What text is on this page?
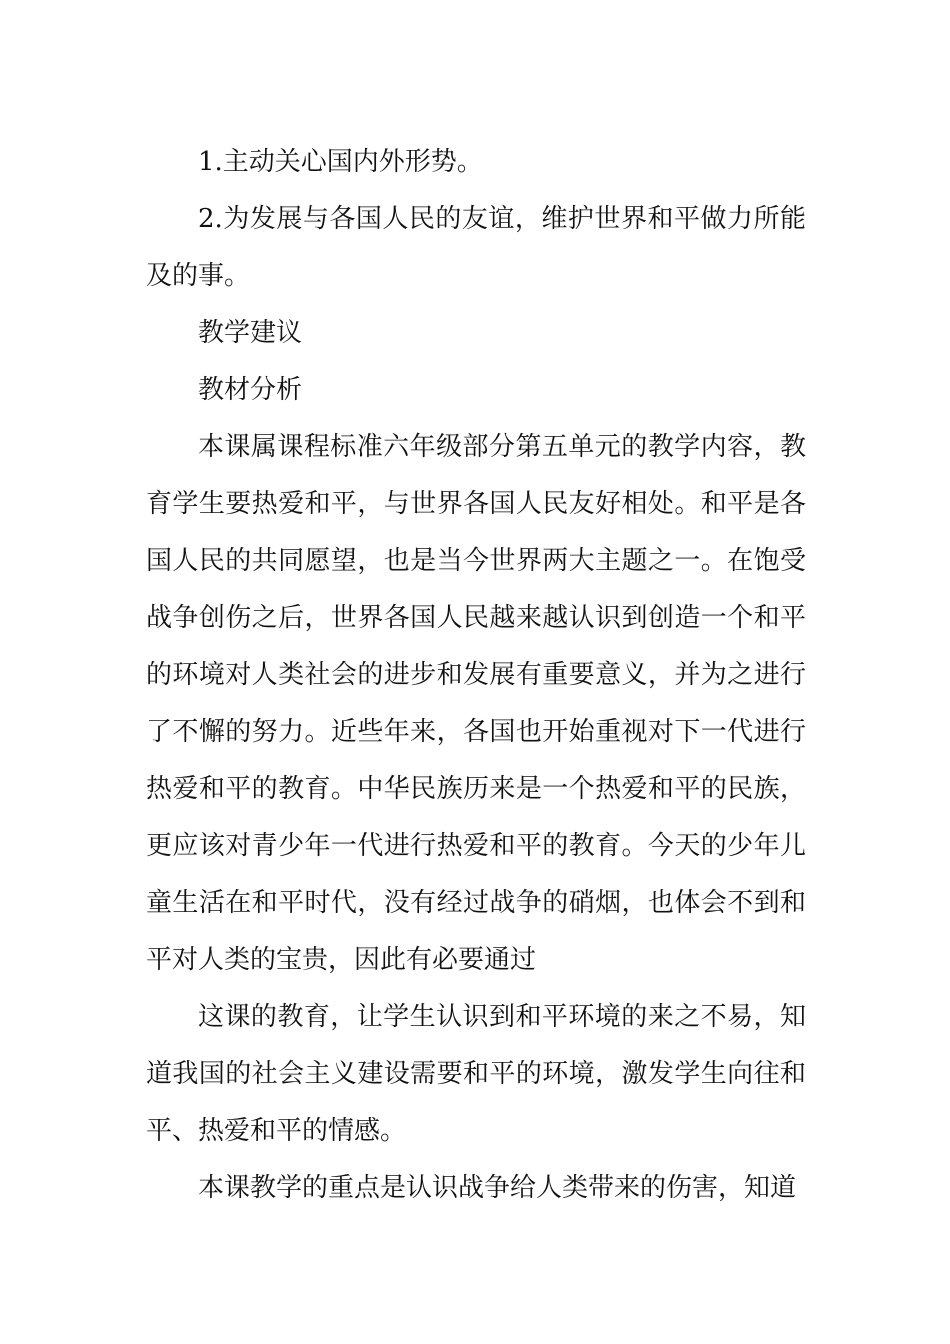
1.主动关心国内外形势。

2.为发展与各国人民的友谊，维护世界和平做力所能及的事。

教学建议

教材分析

本课属课程标准六年级部分第五单元的教学内容，教育学生要热爱和平，与世界各国人民友好相处。和平是各国人民的共同愿望，也是当今世界两大主题之一。在饱受战争创伤之后，世界各国人民越来越认识到创造一个和平的环境对人类社会的进步和发展有重要意义，并为之进行了不懈的努力。近些年来，各国也开始重视对下一代进行热爱和平的教育。中华民族历来是一个热爱和平的民族，更应该对青少年一代进行热爱和平的教育。今天的少年儿童生活在和平时代，没有经过战争的硝烟，也体会不到和平对人类的宝贵，因此有必要通过

这课的教育，让学生认识到和平环境的来之不易，知道我国的社会主义建设需要和平的环境，激发学生向往和平、热爱和平的情感。

本课教学的重点是认识战争给人类带来的伤害，知道
